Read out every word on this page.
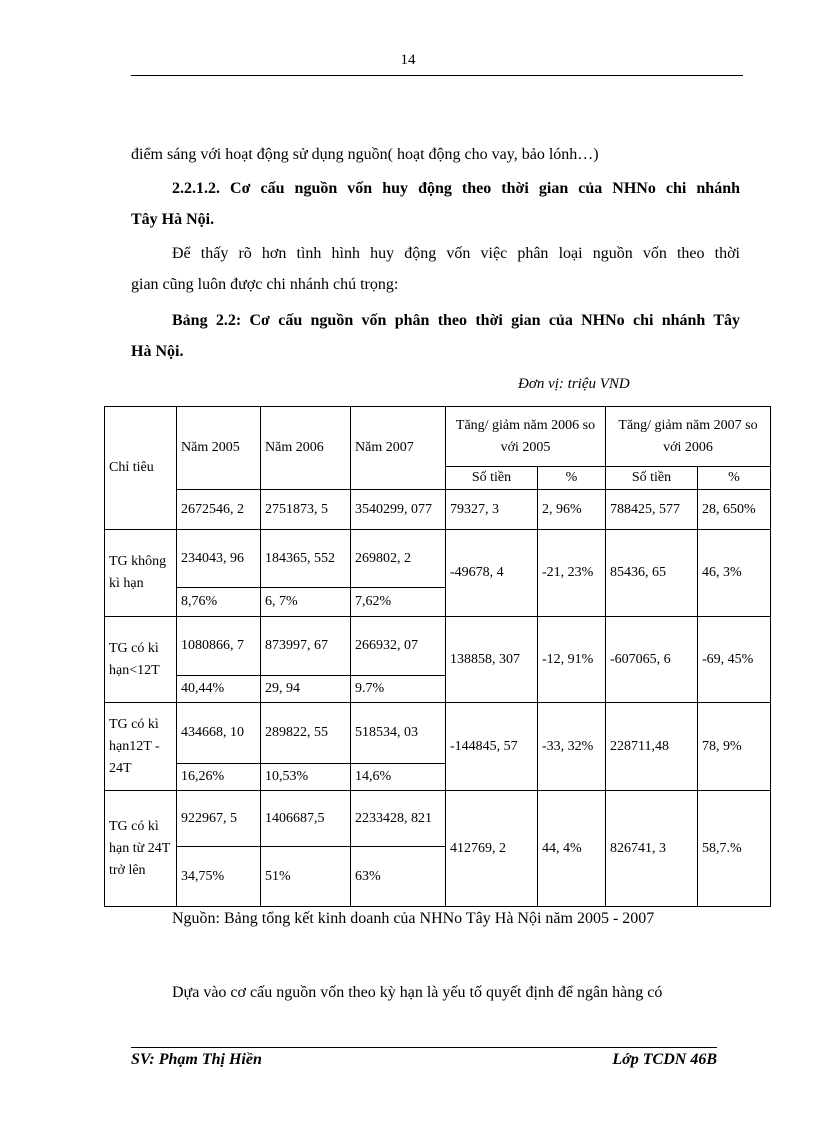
14
điểm sáng với hoạt động sử dụng nguồn( hoạt động cho vay, bảo lónh…)
2.2.1.2. Cơ cấu nguồn vốn huy động theo thời gian của NHNo chi nhánh
Tây Hà Nội.
Để thấy rõ hơn tình hình huy động vốn việc phân loại nguồn vốn theo thời
gian cũng luôn được chi nhánh chú trọng:
Bảng 2.2: Cơ cấu nguồn vốn phân theo thời gian của NHNo chi nhánh Tây
Hà Nội.
Đơn vị: triệu VND
Chỉ tiêu	Năm 2005	Năm 2006	Năm 2007	Tăng/ giảm năm 2006 so với 2005		Tăng/ giảm năm 2007 so với 2006	
				Số tiền	%	Số tiền	%
	2672546, 2	2751873, 5	3540299, 077	79327, 3	2, 96%	788425, 577	28, 650%
TG không kì hạn	234043, 96	184365, 552	269802, 2	-49678, 4	-21, 23%	85436, 65	46, 3%
	8,76%	6, 7%	7,62%				
TG có kì hạn<12T	1080866, 7	873997, 67	266932, 07	138858, 307	-12, 91%	-607065, 6	-69, 45%
	40,44%	29, 94	9.7%				
TG có kì hạn12T - 24T	434668, 10	289822, 55	518534, 03	-144845, 57	-33, 32%	228711,48	78, 9%
	16,26%	10,53%	14,6%				
TG có kì hạn từ 24T trở lên	922967, 5	1406687,5	2233428, 821	412769, 2	44, 4%	826741, 3	58,7.%
	34,75%	51%	63%				
Nguồn: Bảng tổng kết kinh doanh của NHNo Tây Hà Nội năm 2005 - 2007
Dựa vào cơ cấu nguồn vốn theo kỳ hạn là yếu tố quyết định để ngân hàng có
SV: Phạm Thị Hiền	Lớp TCDN 46B
